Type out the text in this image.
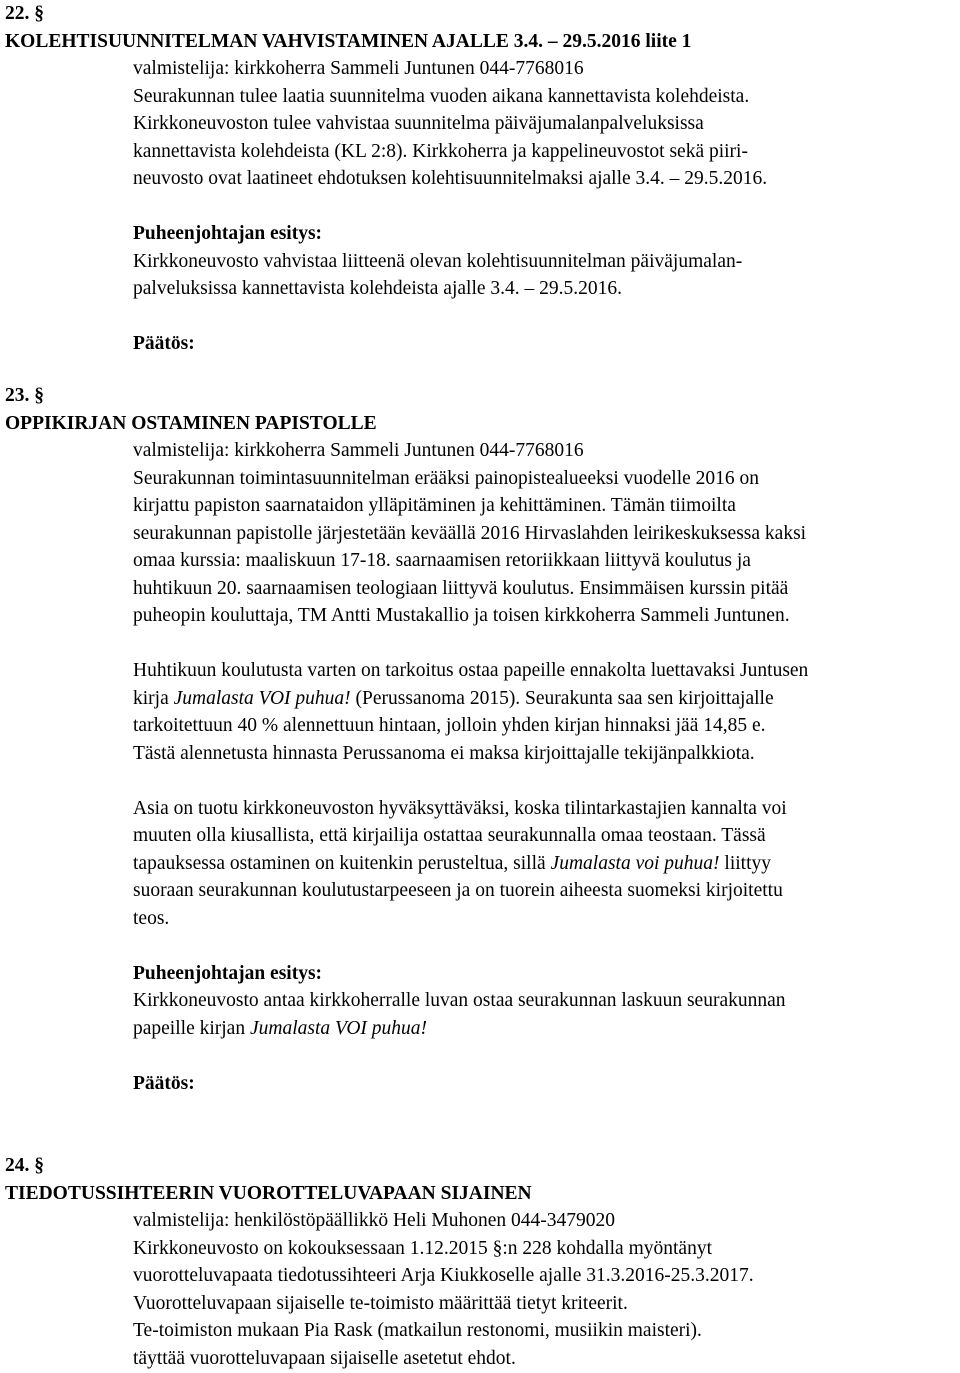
22. §
KOLEHTISUUNNITELMAN VAHVISTAMINEN AJALLE 3.4. – 29.5.2016 liite 1
valmistelija: kirkkoherra Sammeli Juntunen 044-7768016
Seurakunnan tulee laatia suunnitelma vuoden aikana kannettavista kolehdeista.
Kirkkoneuvoston tulee vahvistaa suunnitelma päiväjumalanpalveluksissa
kannettavista kolehdeista (KL 2:8). Kirkkoherra ja kappelineuvostot sekä piiri-
neuvosto ovat laatineet ehdotuksen kolehtisuunnitelmaksi ajalle 3.4. – 29.5.2016.
Puheenjohtajan esitys:
Kirkkoneuvosto vahvistaa liitteenä olevan kolehtisuunnitelman päiväjumalan-
palveluksissa kannettavista kolehdeista ajalle 3.4. – 29.5.2016.
Päätös:
23. §
OPPIKIRJAN OSTAMINEN PAPISTOLLE
valmistelija: kirkkoherra Sammeli Juntunen 044-7768016
Seurakunnan toimintasuunnitelman erääksi painopistealueeksi vuodelle 2016 on
kirjattu papiston saarnataidon ylläpitäminen ja kehittäminen. Tämän tiimoilta
seurakunnan papistolle järjestetään keväällä 2016 Hirvaslahden leirikeskuksessa kaksi
omaa kurssia: maaliskuun 17-18. saarnaamisen retoriikkaan liittyvä koulutus ja
huhtikuun 20. saarnaamisen teologiaan liittyvä koulutus. Ensimmäisen kurssin pitää
puheopin kouluttaja, TM Antti Mustakallio ja toisen kirkkoherra Sammeli Juntunen.
Huhtikuun koulutusta varten on tarkoitus ostaa papeille ennakolta luettavaksi Juntusen
kirja Jumalasta VOI puhua! (Perussanoma 2015). Seurakunta saa sen kirjoittajalle
tarkoitettuun 40 % alennettuun hintaan, jolloin yhden kirjan hinnaksi jää 14,85 e.
Tästä alennetusta hinnasta Perussanoma ei maksa kirjoittajalle tekijänpalkkiota.
Asia on tuotu kirkkoneuvoston hyväksyttäväksi, koska tilintarkastajien kannalta voi
muuten olla kiusallista, että kirjailija ostattaa seurakunnalla omaa teostaan. Tässä
tapauksessa ostaminen on kuitenkin perusteltua, sillä Jumalasta voi puhua! liittyy
suoraan seurakunnan koulutustarpeeseen ja on tuorein aiheesta suomeksi kirjoitettu
teos.
Puheenjohtajan esitys:
Kirkkoneuvosto antaa kirkkoherralle luvan ostaa seurakunnan laskuun seurakunnan
papeille kirjan Jumalasta VOI puhua!
Päätös:
24. §
TIEDOTUSSIHTEERIN VUOROTTELUVAPAAN SIJAINEN
valmistelija: henkilöstöpäällikkö Heli Muhonen 044-3479020
Kirkkoneuvosto on kokouksessaan 1.12.2015 §:n 228 kohdalla myöntänyt
vuorotteluvapaata tiedotussihteeri Arja Kiukkoselle ajalle 31.3.2016-25.3.2017.
Vuorotteluvapaan sijaiselle te-toimisto määrittää tietyt kriteerit.
Te-toimiston mukaan Pia Rask (matkailun restonomi, musiikin maisteri).
täyttää vuorotteluvapaan sijaiselle asetetut ehdot.
